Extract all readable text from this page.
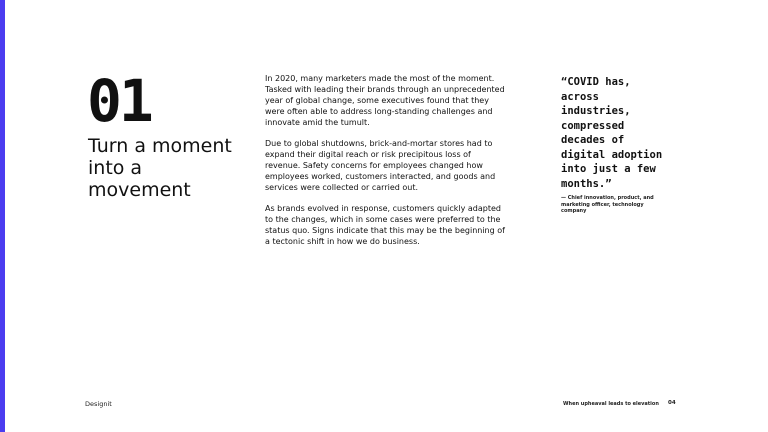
01
Turn a moment into a movement

In 2020, many marketers made the most of the moment. Tasked with leading their brands through an unprecedented year of global change, some executives found that they were often able to address long-standing challenges and innovate amid the tumult.

Due to global shutdowns, brick-and-mortar stores had to expand their digital reach or risk precipitous loss of revenue. Safety concerns for employees changed how employees worked, customers interacted, and goods and services were collected or carried out.

As brands evolved in response, customers quickly adapted to the changes, which in some cases were preferred to the status quo. Signs indicate that this may be the beginning of a tectonic shift in how we do business.

“COVID has, across industries, compressed decades of digital adoption into just a few months.”
— Chief innovation, product, and marketing officer, technology company
Designit	When upheaval leads to elevation 04
